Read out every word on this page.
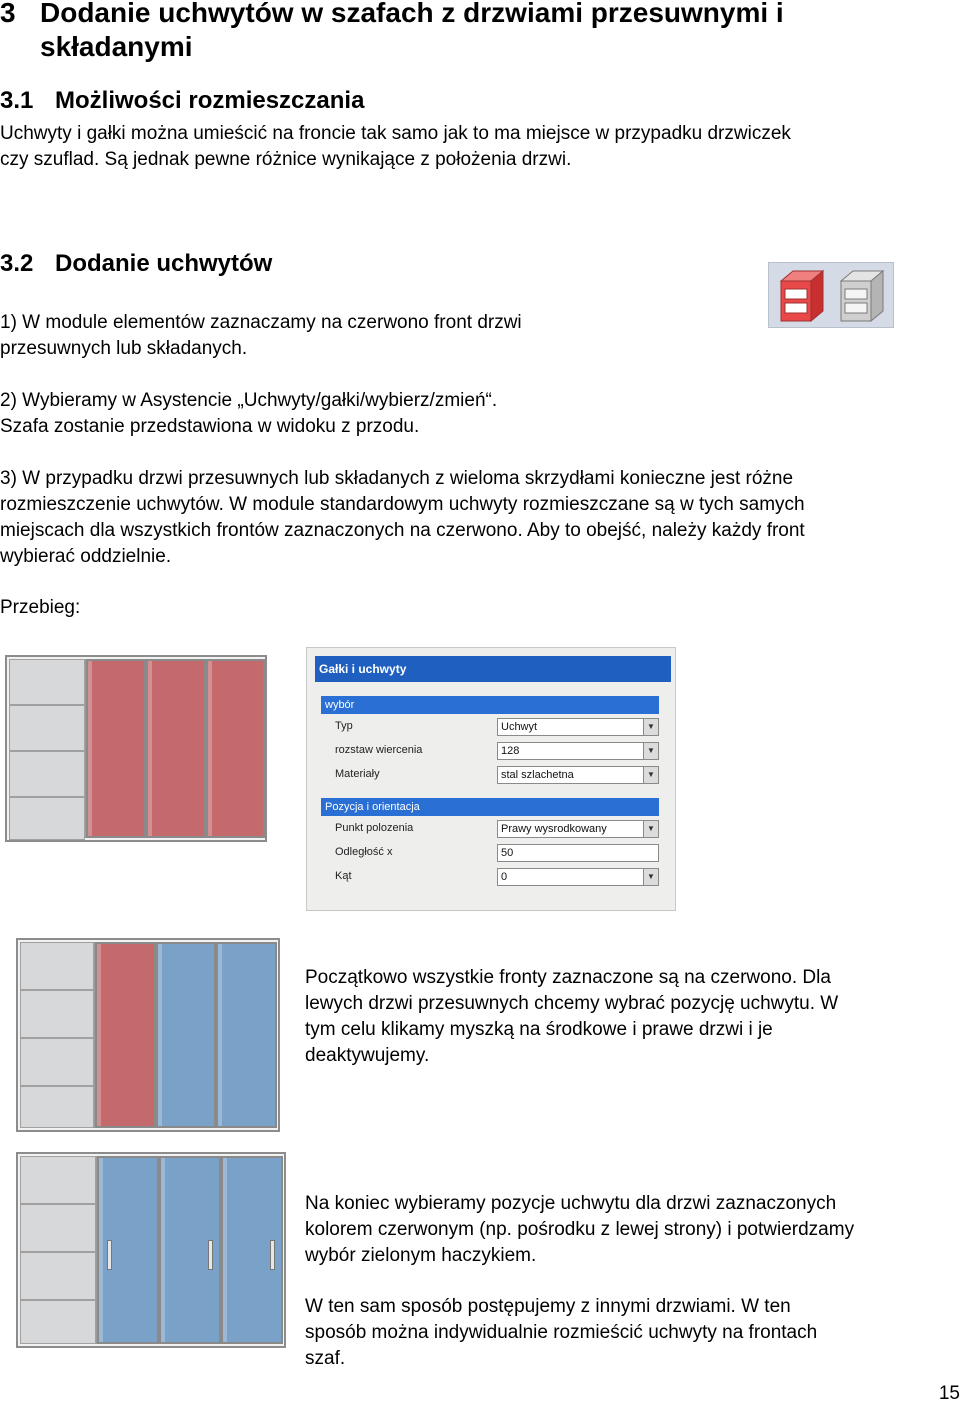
3 Dodanie uchwytów w szafach z drzwiami przesuwnymi i
składanymi
3.1 Możliwości rozmieszczania
Uchwyty i gałki można umieścić na froncie tak samo jak to ma miejsce w przypadku drzwiczek
czy szuflad. Są jednak pewne różnice wynikające z położenia drzwi.
3.2 Dodanie uchwytów
1) W module elementów zaznaczamy na czerwono front drzwi
przesuwnych lub składanych.
2) Wybieramy w Asystencie „Uchwyty/gałki/wybierz/zmień“.
Szafa zostanie przedstawiona w widoku z przodu.
3) W przypadku drzwi przesuwnych lub składanych z wieloma skrzydłami konieczne jest różne
rozmieszczenie uchwytów. W module standardowym uchwyty rozmieszczane są w tych samych
miejscach dla wszystkich frontów zaznaczonych na czerwono. Aby to obejść, należy każdy front
wybierać oddzielnie.
Przebieg:
Gałki i uchwyty
wybór
Typ	Uchwyt	▼
rozstaw wiercenia	128	▼
Materiały	stal szlachetna	▼
Pozycja i orientacja
Punkt polozenia	Prawy wysrodkowany	▼
Odległość x	50
Kąt	0	▼
Początkowo wszystkie fronty zaznaczone są na czerwono. Dla
lewych drzwi przesuwnych chcemy wybrać pozycję uchwytu. W
tym celu klikamy myszką na środkowe i prawe drzwi i je
deaktywujemy.
Na koniec wybieramy pozycje uchwytu dla drzwi zaznaczonych
kolorem czerwonym (np. pośrodku z lewej strony) i potwierdzamy
wybór zielonym haczykiem.
W ten sam sposób postępujemy z innymi drzwiami. W ten
sposób można indywidualnie rozmieścić uchwyty na frontach
szaf.
15
